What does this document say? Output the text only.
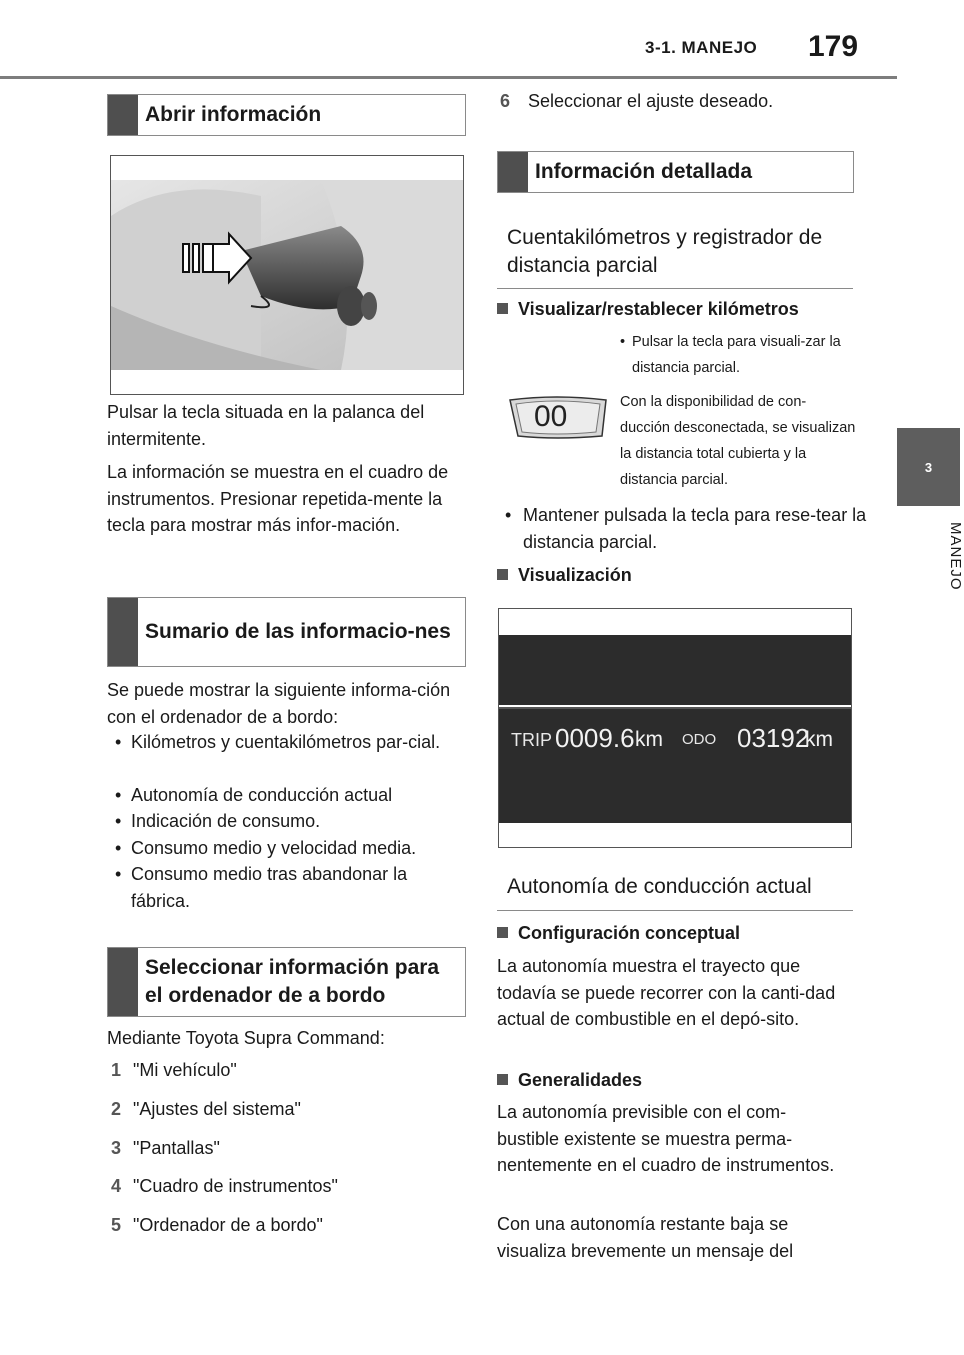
3-1. MANEJO 179
3
MANEJO
Abrir información

Pulsar la tecla situada en la palanca del intermitente.

La información se muestra en el cuadro de instrumentos. Presionar repetida-mente la tecla para mostrar más infor-mación.

Sumario de las informacio-nes

Se puede mostrar la siguiente informa-ción con el ordenador de a bordo:

• Kilómetros y cuentakilómetros par-cial.
• Autonomía de conducción actual
• Indicación de consumo.
• Consumo medio y velocidad media.
• Consumo medio tras abandonar la fábrica.
Seleccionar información para el ordenador de a bordo

Mediante Toyota Supra Command:

1 "Mi vehículo"

2 "Ajustes del sistema"

3 "Pantallas"

4 "Cuadro de instrumentos"

5 "Ordenador de a bordo"

6 Seleccionar el ajuste deseado.

Información detallada
Cuentakilómetros y registrador de distancia parcial
Visualizar/restablecer kilómetros
• Pulsar la tecla para visuali-zar la distancia parcial.
00	Con la disponibilidad de con-ducción desconectada, se visualizan la distancia total cubierta y la distancia parcial.
• Mantener pulsada la tecla para rese-tear la distancia parcial.
Visualización
TRIP 0009.6 km ODO 03192
km
Autonomía de conducción actual
Configuración conceptual

La autonomía muestra el trayecto que todavía se puede recorrer con la canti-dad actual de combustible en el depó-sito.

Generalidades

La autonomía previsible con el com-bustible existente se muestra perma-nentemente en el cuadro de instrumentos.

Con una autonomía restante baja se visualiza brevemente un mensaje del
